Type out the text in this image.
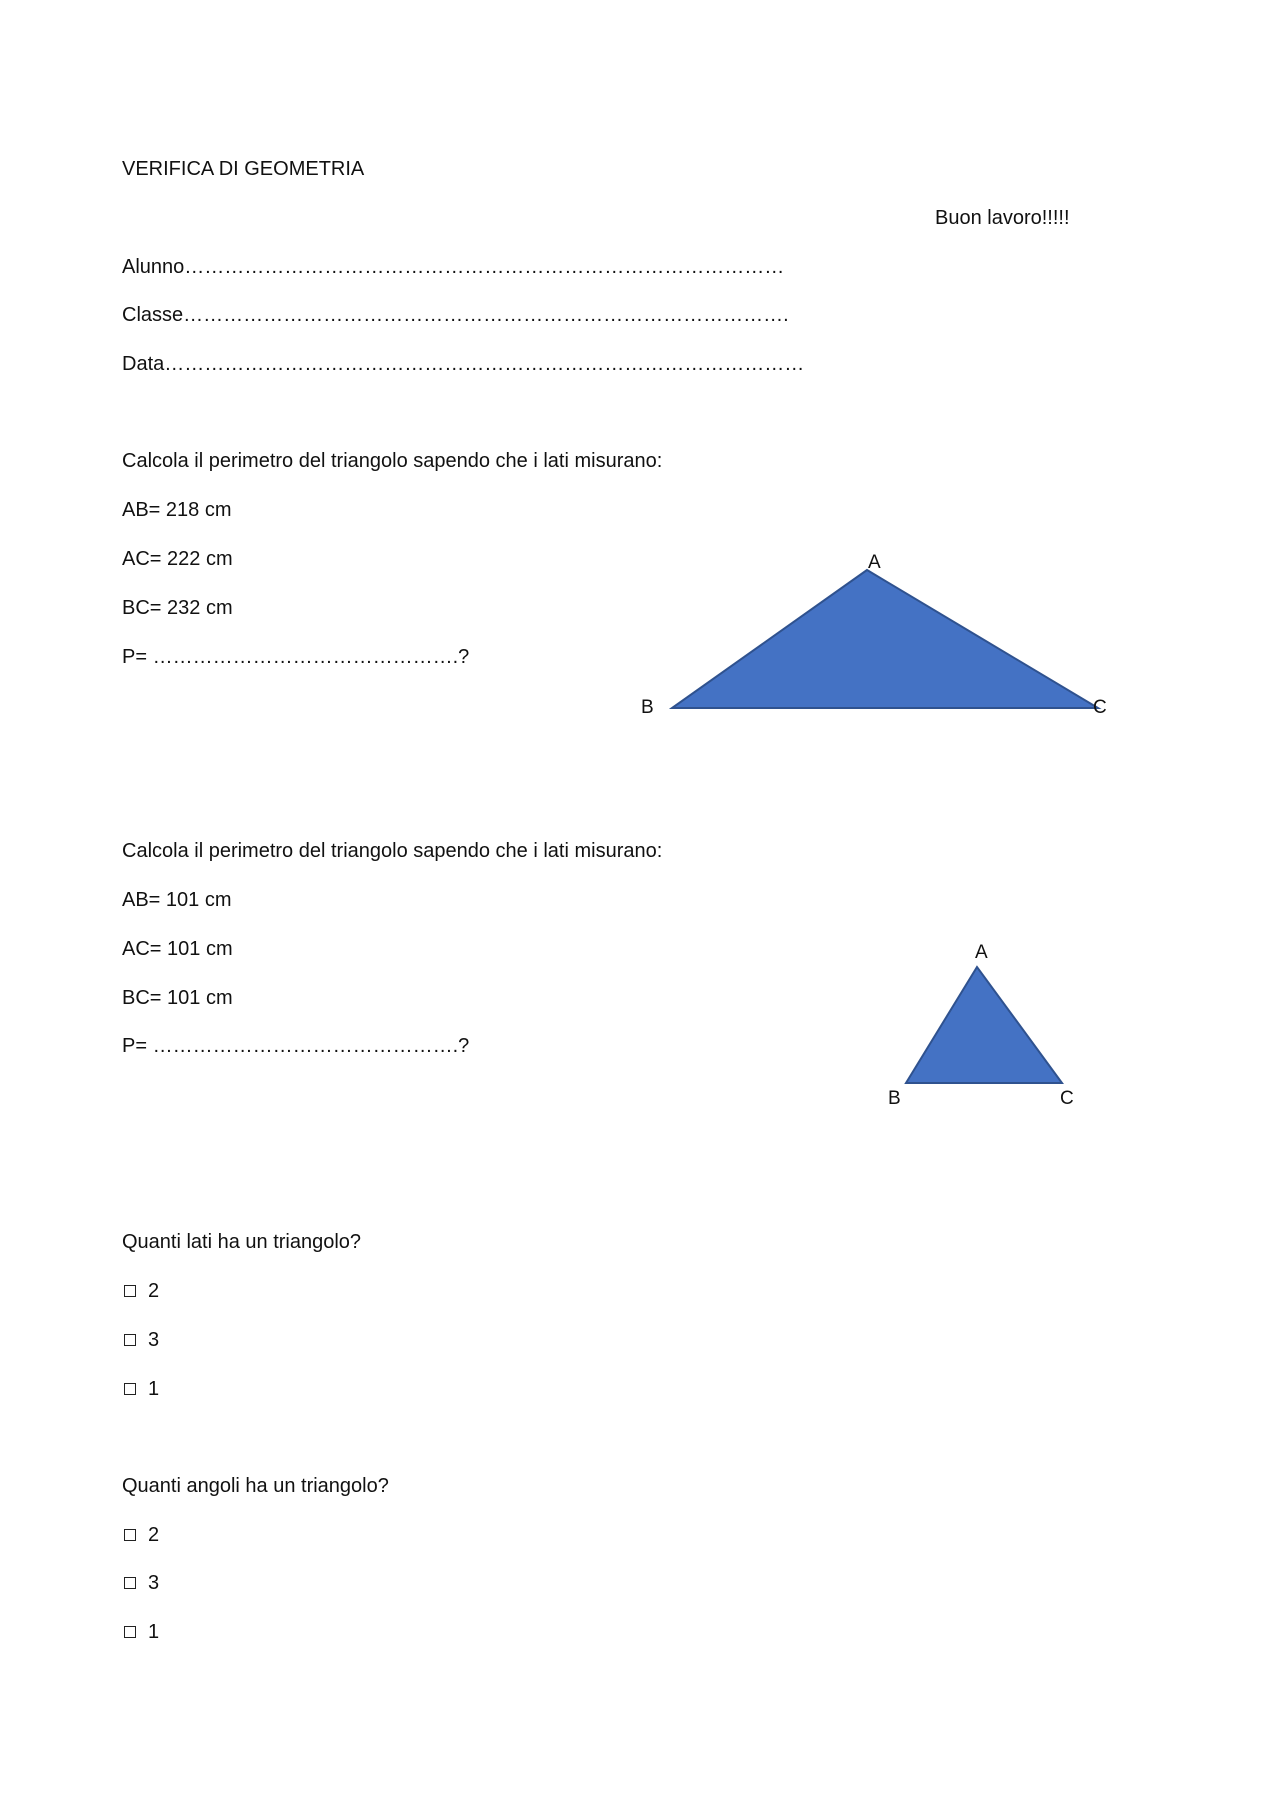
VERIFICA DI GEOMETRIA
Buon lavoro!!!!!
Alunno………………………………………………………………………………
Classe……………………………………………………………………………….
Data……………………………………………………………………………………
Calcola il perimetro del triangolo sapendo che i lati misurano:
AB= 218 cm
AC= 222 cm
BC= 232 cm
P= ……………………………………….?
Calcola il perimetro del triangolo sapendo che i lati misurano:
AB= 101 cm
AC= 101 cm
BC= 101 cm
P= ……………………………………….?
A
B	C
A
B	C
Quanti lati ha un triangolo?
2
3
1
Quanti angoli ha un triangolo?
2
3
1
